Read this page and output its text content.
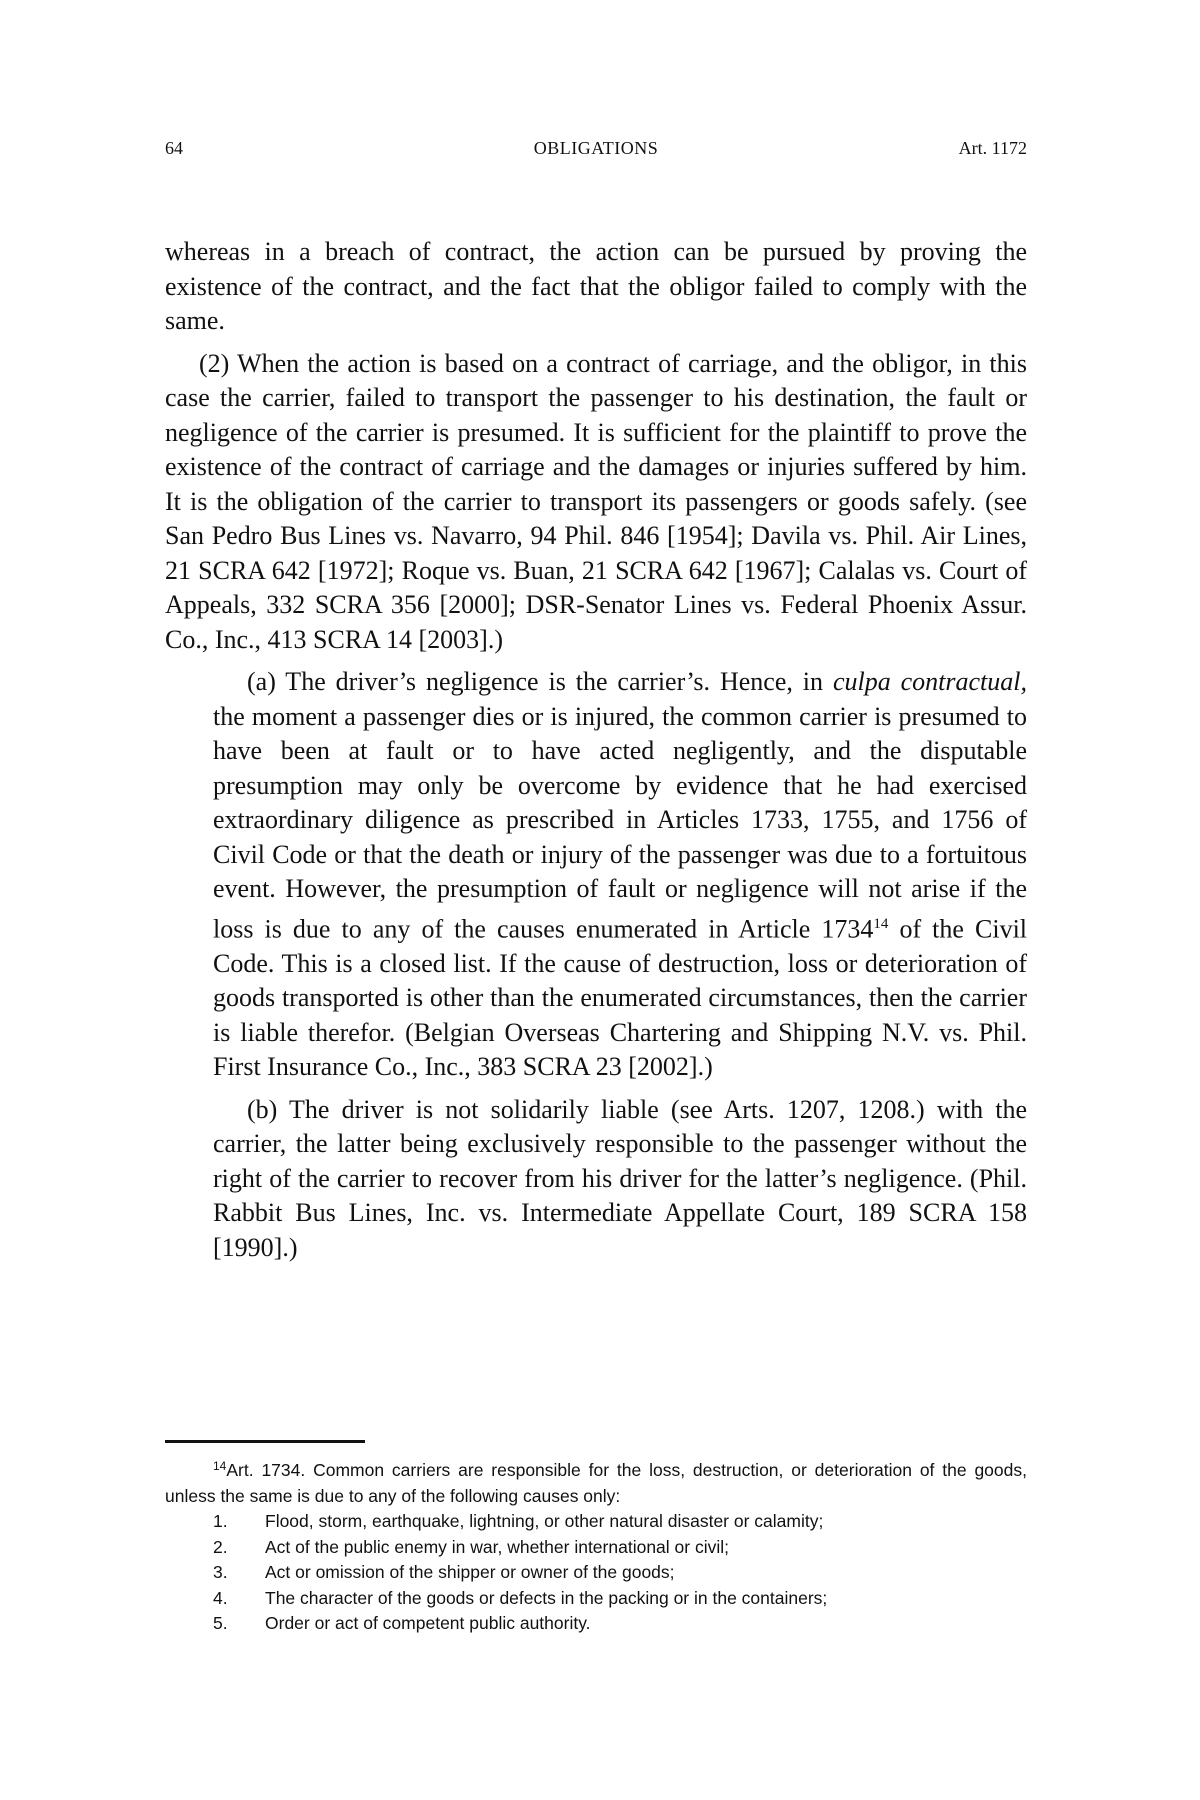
64	OBLIGATIONS	Art. 1172

whereas in a breach of contract, the action can be pursued by proving the existence of the contract, and the fact that the obligor failed to comply with the same.

(2) When the action is based on a contract of carriage, and the obligor, in this case the carrier, failed to transport the passenger to his destination, the fault or negligence of the carrier is presumed. It is sufficient for the plaintiff to prove the existence of the contract of carriage and the damages or injuries suffered by him. It is the obligation of the carrier to transport its passengers or goods safely. (see San Pedro Bus Lines vs. Navarro, 94 Phil. 846 [1954]; Davila vs. Phil. Air Lines, 21 SCRA 642 [1972]; Roque vs. Buan, 21 SCRA 642 [1967]; Calalas vs. Court of Appeals, 332 SCRA 356 [2000]; DSR-Senator Lines vs. Federal Phoenix Assur. Co., Inc., 413 SCRA 14 [2003].)

(a) The driver’s negligence is the carrier’s. Hence, in culpa contractual, the moment a passenger dies or is injured, the common carrier is presumed to have been at fault or to have acted negligently, and the disputable presumption may only be overcome by evidence that he had exercised extraordinary diligence as prescribed in Articles 1733, 1755, and 1756 of Civil Code or that the death or injury of the passenger was due to a fortuitous event. However, the presumption of fault or negligence will not arise if the loss is due to any of the causes enumerated in Article 1734$^{14}$ of the Civil Code. This is a closed list. If the cause of destruction, loss or deterioration of goods transported is other than the enumerated circumstances, then the carrier is liable therefor. (Belgian Overseas Chartering and Shipping N.V. vs. Phil. First Insurance Co., Inc., 383 SCRA 23 [2002].)

(b) The driver is not solidarily liable (see Arts. 1207, 1208.) with the carrier, the latter being exclusively responsible to the passenger without the right of the carrier to recover from his driver for the latter’s negligence. (Phil. Rabbit Bus Lines, Inc. vs. Intermediate Appellate Court, 189 SCRA 158 [1990].)

$^{14}$Art. 1734. Common carriers are responsible for the loss, destruction, or deterioration of the goods, unless the same is due to any of the following causes only:

1. Flood, storm, earthquake, lightning, or other natural disaster or calamity;
2. Act of the public enemy in war, whether international or civil;
3. Act or omission of the shipper or owner of the goods;
4. The character of the goods or defects in the packing or in the containers;
5. Order or act of competent public authority.
